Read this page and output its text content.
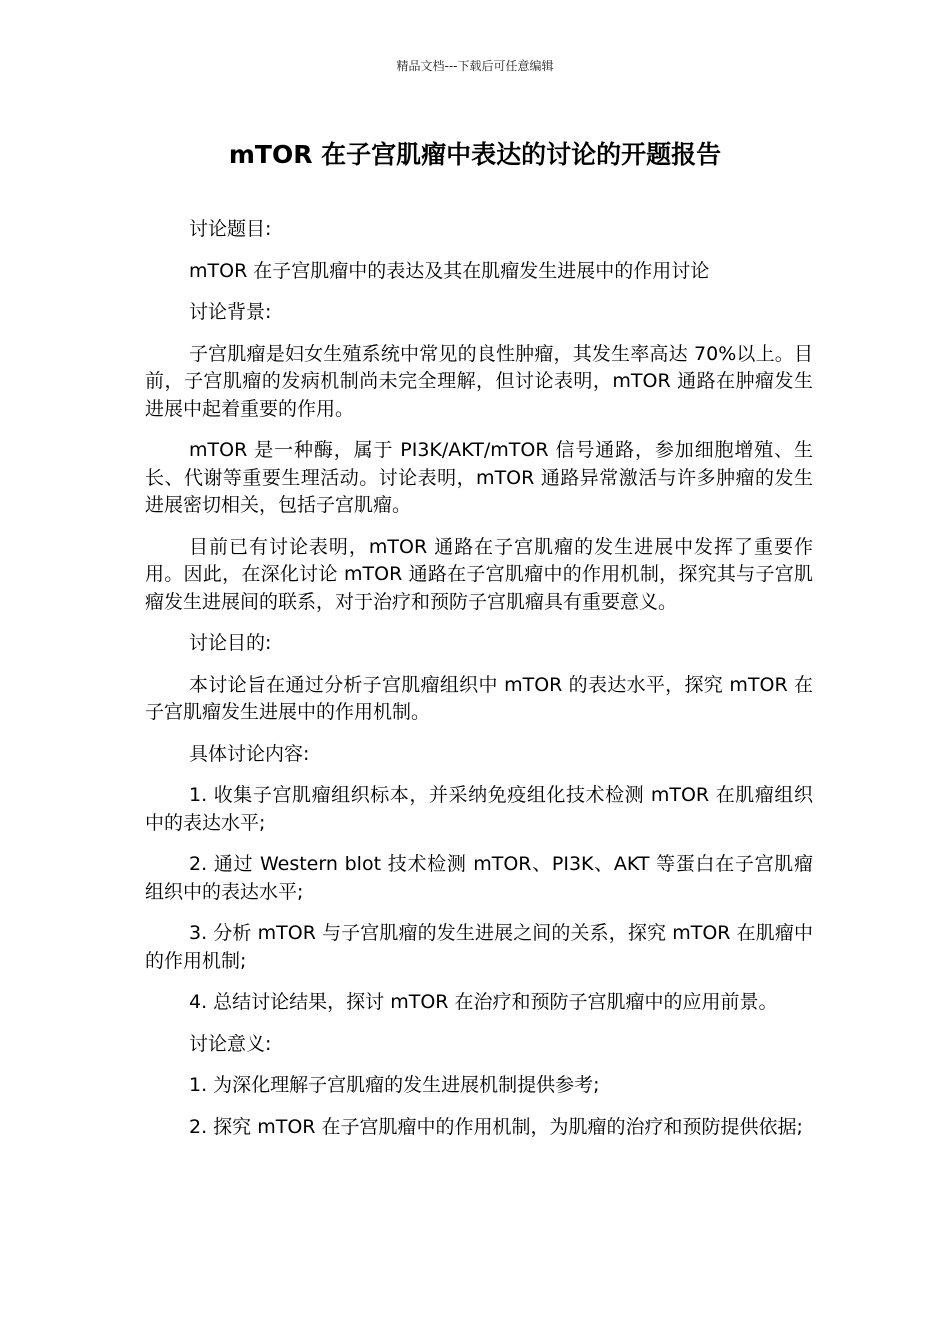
精品文档---下载后可任意编辑
mTOR 在子宫肌瘤中表达的讨论的开题报告

讨论题目:

mTOR 在子宫肌瘤中的表达及其在肌瘤发生进展中的作用讨论

讨论背景:

子宫肌瘤是妇女生殖系统中常见的良性肿瘤，其发生率高达 70%以上。目前，子宫肌瘤的发病机制尚未完全理解，但讨论表明，mTOR 通路在肿瘤发生进展中起着重要的作用。

mTOR 是一种酶，属于 PI3K/AKT/mTOR 信号通路，参加细胞增殖、生长、代谢等重要生理活动。讨论表明，mTOR 通路异常激活与许多肿瘤的发生进展密切相关，包括子宫肌瘤。

目前已有讨论表明，mTOR 通路在子宫肌瘤的发生进展中发挥了重要作用。因此，在深化讨论 mTOR 通路在子宫肌瘤中的作用机制，探究其与子宫肌瘤发生进展间的联系，对于治疗和预防子宫肌瘤具有重要意义。

讨论目的:

本讨论旨在通过分析子宫肌瘤组织中 mTOR 的表达水平，探究 mTOR 在子宫肌瘤发生进展中的作用机制。

具体讨论内容:

1. 收集子宫肌瘤组织标本，并采纳免疫组化技术检测 mTOR 在肌瘤组织中的表达水平;

2. 通过 Western blot 技术检测 mTOR、PI3K、AKT 等蛋白在子宫肌瘤组织中的表达水平;

3. 分析 mTOR 与子宫肌瘤的发生进展之间的关系，探究 mTOR 在肌瘤中的作用机制;

4. 总结讨论结果，探讨 mTOR 在治疗和预防子宫肌瘤中的应用前景。

讨论意义:

1. 为深化理解子宫肌瘤的发生进展机制提供参考;

2. 探究 mTOR 在子宫肌瘤中的作用机制，为肌瘤的治疗和预防提供依据;
